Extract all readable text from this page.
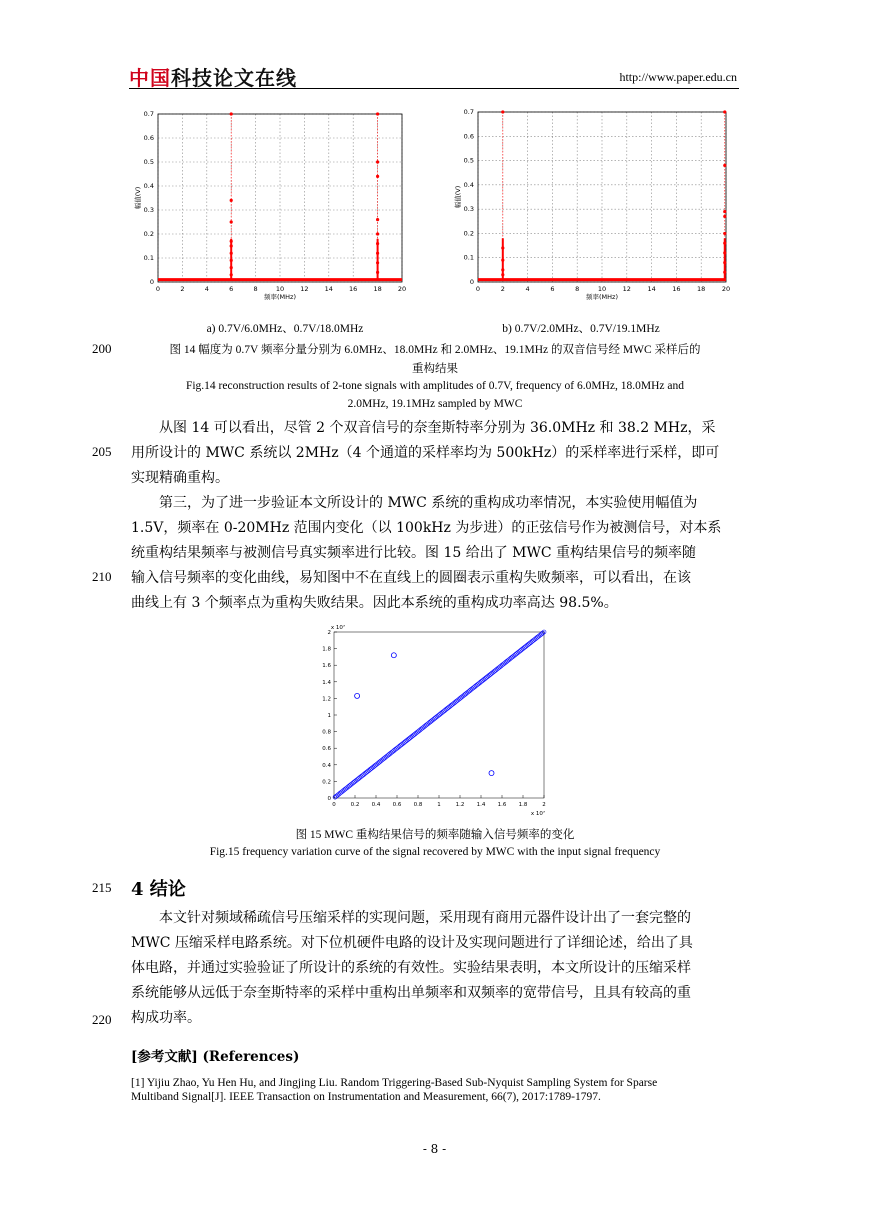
中国科技论文在线	http://www.paper.edu.cn
0	2	4	6	8	10 12 14 16 18 20
0
0.1
0.2
0.3
0.4
0.5
0.6
0.7
频率(MHz)
幅值(V)
0	2	4	6	8	10	12	14	16	18	20
0
0.1
0.2
0.3
0.4
0.5
0.6
0.7
频率(MHz)
幅值(V)
a) 0.7V/6.0MHz、0.7V/18.0MHz	b) 0.7V/2.0MHz、0.7V/19.1MHz
200	图 14 幅度为 0.7V 频率分量分别为 6.0MHz、18.0MHz 和 2.0MHz、19.1MHz 的双音信号经 MWC 采样后的
重构结果
Fig.14 reconstruction results of 2-tone signals with amplitudes of 0.7V, frequency of 6.0MHz, 18.0MHz and
2.0MHz, 19.1MHz sampled by MWC
从图 14 可以看出，尽管 2 个双音信号的奈奎斯特率分别为 36.0MHz 和 38.2 MHz，采
205 用所设计的 MWC 系统以 2MHz（4 个通道的采样率均为 500kHz）的采样率进行采样，即可
实现精确重构。
第三，为了进一步验证本文所设计的 MWC 系统的重构成功率情况，本实验使用幅值为
1.5V，频率在 0-20MHz 范围内变化（以 100kHz 为步进）的正弦信号作为被测信号，对本系
统重构结果频率与被测信号真实频率进行比较。图 15 给出了 MWC 重构结果信号的频率随
210 输入信号频率的变化曲线，易知图中不在直线上的圆圈表示重构失败频率，可以看出，在该
曲线上有 3 个频率点为重构失败结果。因此本系统的重构成功率高达 98.5%。
0	0.2 0.4 0.6 0.8	1	1.2 1.4 1.6 1.8	2
0
0.2
0.4
0.6
0.8
1
1.2
1.4
1.6
1.8
2
x 10⁷
x 10⁷
图 15 MWC 重构结果信号的频率随输入信号频率的变化
Fig.15 frequency variation curve of the signal recovered by MWC with the input signal frequency
215 4 结论
本文针对频域稀疏信号压缩采样的实现问题，采用现有商用元器件设计出了一套完整的
MWC 压缩采样电路系统。对下位机硬件电路的设计及实现问题进行了详细论述，给出了具
体电路，并通过实验验证了所设计的系统的有效性。实验结果表明，本文所设计的压缩采样
系统能够从远低于奈奎斯特率的采样中重构出单频率和双频率的宽带信号，且具有较高的重
220 构成功率。
[参考文献] (References)
[1] Yijiu Zhao, Yu Hen Hu, and Jingjing Liu. Random Triggering-Based Sub-Nyquist Sampling System for Sparse
Multiband Signal[J]. IEEE Transaction on Instrumentation and Measurement, 66(7), 2017:1789-1797.
- 8 -
